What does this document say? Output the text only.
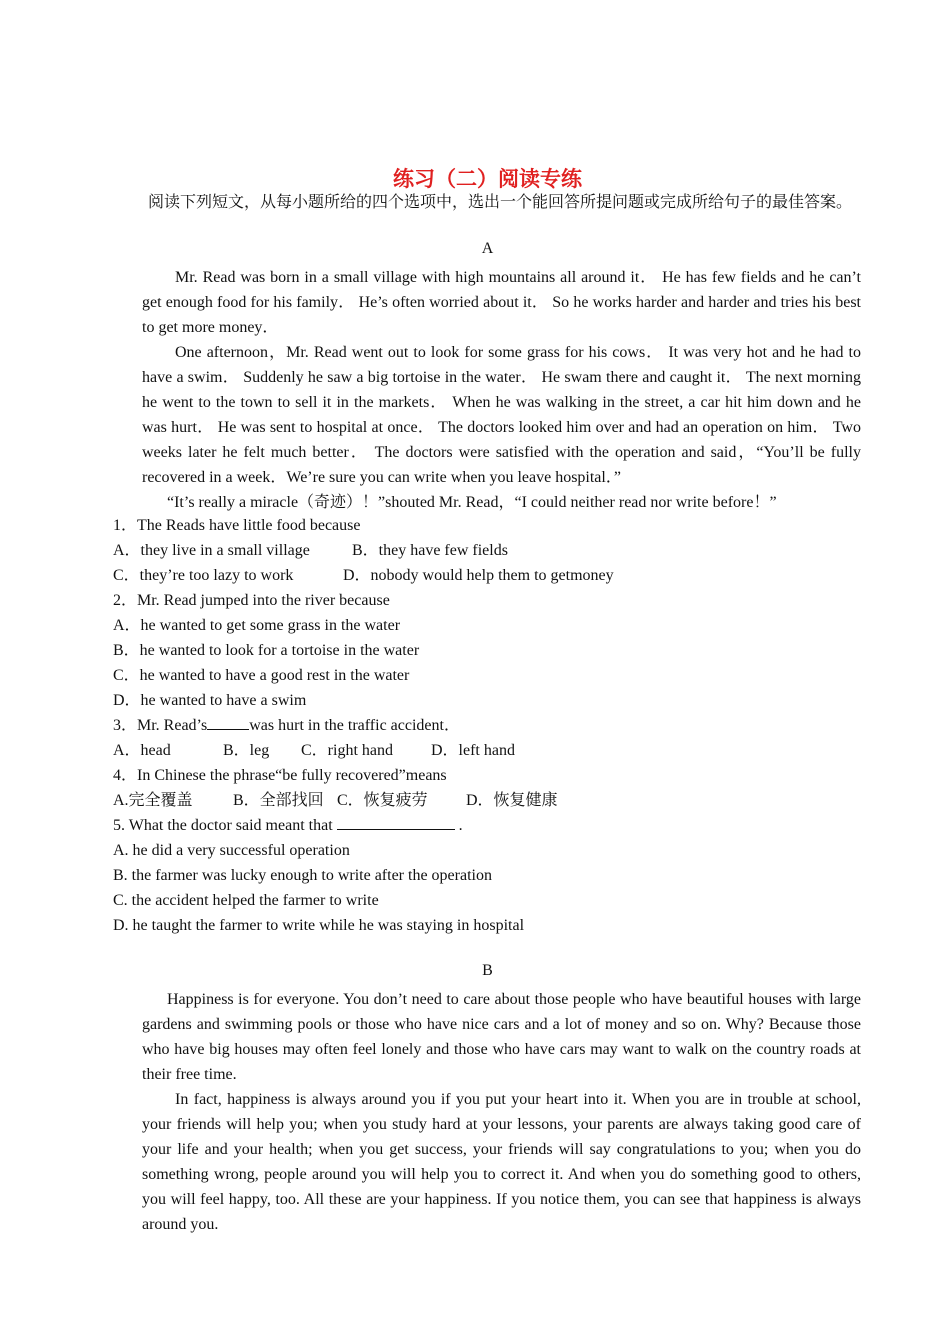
练习（二）阅读专练
阅读下列短文，从每小题所给的四个选项中，选出一个能回答所提问题或完成所给句子的最佳答案。
A

Mr. Read was born in a small village with high mountains all around it． He has few fields and he can’t get enough food for his family． He’s often worried about it． So he works harder and harder and tries his best to get more money．

One afternoon，Mr. Read went out to look for some grass for his cows． It was very hot and he had to have a swim． Suddenly he saw a big tortoise in the water． He swam there and caught it． The next morning he went to the town to sell it in the markets． When he was walking in the street, a car hit him down and he was hurt． He was sent to hospital at once． The doctors looked him over and had an operation on him． Two weeks later he felt much better． The doctors were satisfied with the operation and said，“You’ll be fully recovered in a week．We’re sure you can write when you leave hospital．”

“It’s really a miracle（奇迹）！”shouted Mr. Read，“I could neither read nor write before！”

1．The Reads have little food because
A．they live in a small village	B．they have few fields
C．they’re too lazy to work	D．nobody would help them to getmoney
2．Mr. Read jumped into the river because
A．he wanted to get some grass in the water
B．he wanted to look for a tortoise in the water
C．he wanted to have a good rest in the water
D．he wanted to have a swim
3．Mr. Read’s	was hurt in the traffic accident．
A．head	B．leg C．right hand D．left hand
4．In Chinese the phrase“be fully recovered”means
A.完全覆盖	B．全部找回 C．恢复疲劳 D．恢复健康
5. What the doctor said meant that	.
A. he did a very successful operation
B. the farmer was lucky enough to write after the operation
C. the accident helped the farmer to write
D. he taught the farmer to write while he was staying in hospital
B

Happiness is for everyone. You don’t need to care about those people who have beautiful houses with large gardens and swimming pools or those who have nice cars and a lot of money and so on. Why? Because those who have big houses may often feel lonely and those who have cars may want to walk on the country roads at their free time.

In fact, happiness is always around you if you put your heart into it. When you are in trouble at school, your friends will help you; when you study hard at your lessons, your parents are always taking good care of your life and your health; when you get success, your friends will say congratulations to you; when you do something wrong, people around you will help you to correct it. And when you do something good to others, you will feel happy, too. All these are your happiness. If you notice them, you can see that happiness is always around you.
